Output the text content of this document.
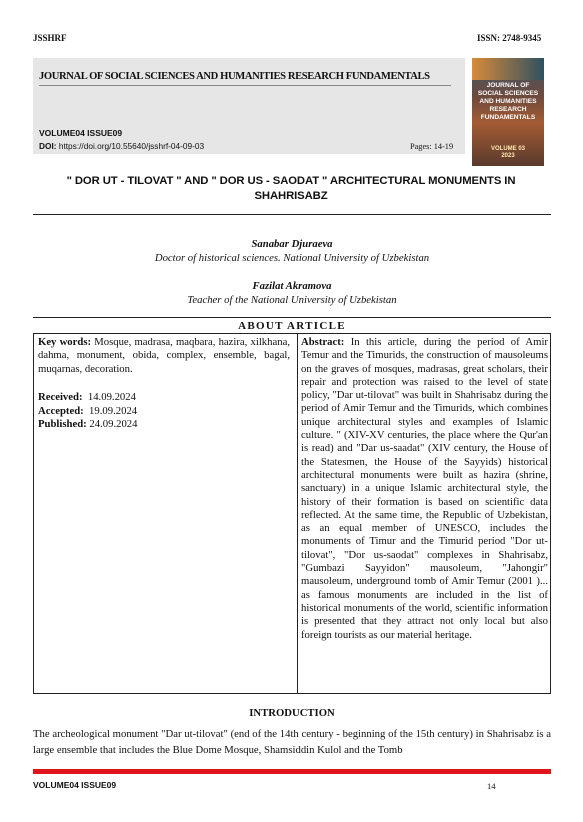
JSSHRF	ISSN: 2748-9345
JOURNAL OF SOCIAL SCIENCES AND HUMANITIES RESEARCH FUNDAMENTALS
VOLUME04 ISSUE09
DOI: https://doi.org/10.55640/jsshrf-04-09-03	Pages: 14-19
JOURNAL OF SOCIAL SCIENCES AND HUMANITIES RESEARCH FUNDAMENTALS
VOLUME 03
2023
" DOR UT - TILOVAT " AND " DOR US - SAODAT " ARCHITECTURAL MONUMENTS IN
SHAHRISABZ
Sanabar Djuraeva
Doctor of historical sciences. National University of Uzbekistan
Fazilat Akramova
Teacher of the National University of Uzbekistan
ABOUT ARTICLE
Key words: Mosque, madrasa, maqbara, hazira, xilkhana, dahma, monument, obida, complex, ensemble, bagal, muqarnas, decoration.
Received: 14.09.2024
Accepted: 19.09.2024
Published: 24.09.2024
Abstract: In this article, during the period of Amir Temur and the Timurids, the construction of mausoleums on the graves of mosques, madrasas, great scholars, their repair and protection was raised to the level of state policy, "Dar ut-tilovat" was built in Shahrisabz during the period of Amir Temur and the Timurids, which combines unique architectural styles and examples of Islamic culture. " (XIV-XV centuries, the place where the Qur'an is read) and "Dar us-saadat" (XIV century, the House of the Statesmen, the House of the Sayyids) historical architectural monuments were built as hazira (shrine, sanctuary) in a unique Islamic architectural style, the history of their formation is based on scientific data reflected. At the same time, the Republic of Uzbekistan, as an equal member of UNESCO, includes the monuments of Timur and the Timurid period "Dor ut-tilovat", "Dor us-saodat" complexes in Shahrisabz, "Gumbazi Sayyidon" mausoleum, "Jahongir" mausoleum, underground tomb of Amir Temur (2001 )... as famous monuments are included in the list of historical monuments of the world, scientific information is presented that they attract not only local but also foreign tourists as our material heritage.
INTRODUCTION
The archeological monument "Dar ut-tilovat" (end of the 14th century - beginning of the 15th century) in Shahrisabz is a large ensemble that includes the Blue Dome Mosque, Shamsiddin Kulol and the Tomb
VOLUME04 ISSUE09	14
